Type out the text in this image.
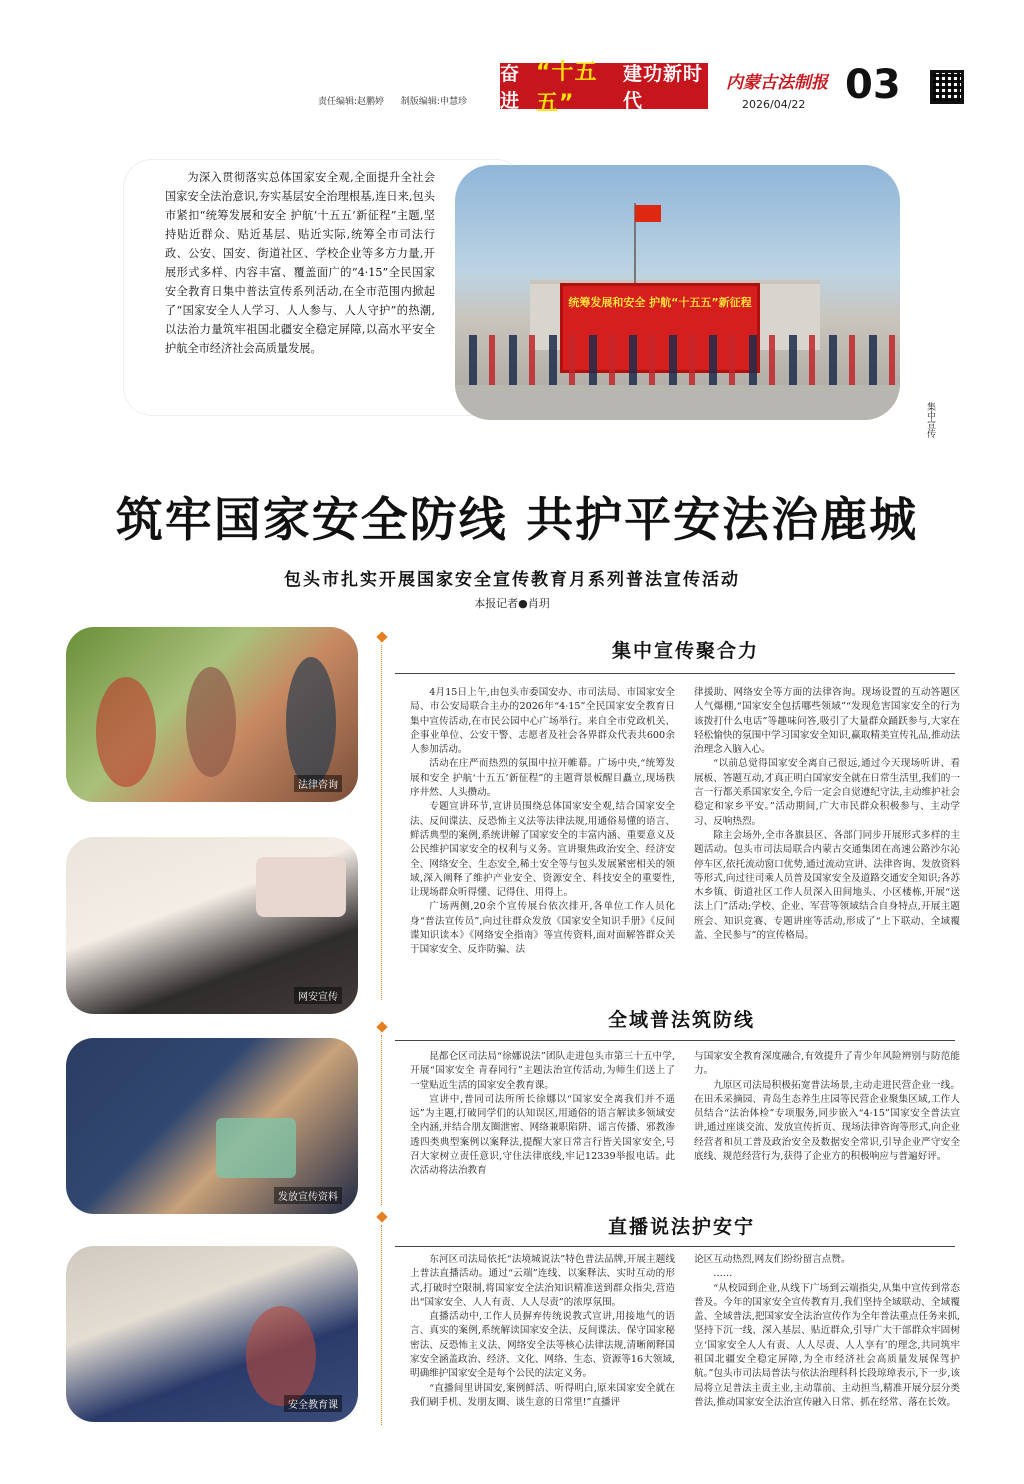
责任编辑:赵鹏婷 制版编辑:申慧珍
奋进
“十五五”
建功新时代
内蒙古法制报
2026/04/22 03
为深入贯彻落实总体国家安全观,全面提升全社会国家安全法治意识,夯实基层安全治理根基,连日来,包头市紧扣“统筹发展和安全 护航‘十五五’新征程”主题,坚持贴近群众、贴近基层、贴近实际,统筹全市司法行政、公安、国安、街道社区、学校企业等多方力量,开展形式多样、内容丰富、覆盖面广的“4·15”全民国家安全教育日集中普法宣传系列活动,在全市范围内掀起了“国家安全人人学习、人人参与、人人守护”的热潮,以法治力量筑牢祖国北疆安全稳定屏障,以高水平安全护航全市经济社会高质量发展。
统筹发展和安全 护航“十五五”新征程
集中宣传
筑牢国家安全防线 共护平安法治鹿城
包头市扎实开展国家安全宣传教育月系列普法宣传活动
本报记者●肖玥
法律咨询
网安宣传
发放宣传资料
安全教育课
集中宣传聚合力

4月15日上午,由包头市委国安办、市司法局、市国家安全局、市公安局联合主办的2026年“4·15”全民国家安全教育日集中宣传活动,在市民公园中心广场举行。来自全市党政机关、企事业单位、公安干警、志愿者及社会各界群众代表共600余人参加活动。

活动在庄严而热烈的氛围中拉开帷幕。广场中央,“统筹发展和安全 护航‘十五五’新征程”的主题背景板醒目矗立,现场秩序井然、人头攒动。

专题宣讲环节,宣讲员围绕总体国家安全观,结合国家安全法、反间谍法、反恐怖主义法等法律法规,用通俗易懂的语言、鲜活典型的案例,系统讲解了国家安全的丰富内涵、重要意义及公民维护国家安全的权利与义务。宣讲聚焦政治安全、经济安全、网络安全、生态安全,稀土安全等与包头发展紧密相关的领域,深入阐释了维护产业安全、资源安全、科技安全的重要性,让现场群众听得懂、记得住、用得上。

广场两侧,20余个宣传展台依次排开,各单位工作人员化身“普法宣传员”,向过往群众发放《国家安全知识手册》《反间谍知识读本》《网络安全指南》等宣传资料,面对面解答群众关于国家安全、反诈防骗、法

律援助、网络安全等方面的法律咨询。现场设置的互动答题区人气爆棚,“国家安全包括哪些领域”“发现危害国家安全的行为该拨打什么电话”等趣味问答,吸引了大量群众踊跃参与,大家在轻松愉快的氛围中学习国家安全知识,赢取精美宣传礼品,推动法治理念入脑入心。

“以前总觉得国家安全离自己很远,通过今天现场听讲、看展板、答题互动,才真正明白国家安全就在日常生活里,我们的一言一行都关系国家安全,今后一定会自觉遵纪守法,主动维护社会稳定和家乡平安。”活动期间,广大市民群众积极参与、主动学习、反响热烈。

除主会场外,全市各旗县区、各部门同步开展形式多样的主题活动。包头市司法局联合内蒙古交通集团在高速公路沙尔沁停车区,依托流动窗口优势,通过流动宣讲、法律咨询、发放资料等形式,向过往司乘人员普及国家安全及道路交通安全知识;各苏木乡镇、街道社区工作人员深入田间地头、小区楼栋,开展“送法上门”活动;学校、企业、军营等领域结合自身特点,开展主题班会、知识竞赛、专题讲座等活动,形成了“上下联动、全域覆盖、全民参与”的宣传格局。

全域普法筑防线

昆都仑区司法局“徐娜说法”团队走进包头市第三十五中学,开展“国家安全 青春同行”主题法治宣传活动,为师生们送上了一堂贴近生活的国家安全教育课。

宣讲中,普同司法所所长徐娜以“国家安全离我们并不遥远”为主题,打破同学们的认知误区,用通俗的语言解读多领域安全内涵,并结合朋友圈泄密、网络兼职陷阱、谣言传播、邪教渗透四类典型案例以案释法,提醒大家日常言行皆关国家安全,号召大家树立责任意识,守住法律底线,牢记12339举报电话。此次活动将法治教育

与国家安全教育深度融合,有效提升了青少年风险辨别与防范能力。

九原区司法局积极拓宽普法场景,主动走进民营企业一线。在田禾采摘园、青岛生态养生庄园等民营企业聚集区域,工作人员结合“法治体检”专项服务,同步嵌入“4·15”国家安全普法宣讲,通过座谈交流、发放宣传折页、现场法律咨询等形式,向企业经营者和员工普及政治安全及数据安全常识,引导企业严守安全底线、规范经营行为,获得了企业方的积极响应与普遍好评。

直播说法护安宁

东河区司法局依托“法境城说法”特色普法品牌,开展主题线上普法直播活动。通过“云端”连线、以案释法、实时互动的形式,打破时空限制,将国家安全法治知识精准送到群众指尖,营造出“国家安全、人人有责、人人尽责”的浓厚氛围。

直播活动中,工作人员摒弃传统说教式宣讲,用接地气的语言、真实的案例,系统解读国家安全法、反间谍法、保守国家秘密法、反恐怖主义法、网络安全法等核心法律法规,清晰阐释国家安全涵盖政治、经济、文化、网络、生态、资源等16大领域,明确维护国家安全是每个公民的法定义务。

“直播间里讲国安,案例鲜活、听得明白,原来国家安全就在我们刷手机、发朋友圈、谈生意的日常里!”直播评

论区互动热烈,网友们纷纷留言点赞。

……

“从校园到企业,从线下广场到云端指尖,从集中宣传到常态普及。今年的国家安全宣传教育月,我们坚持全域联动、全域覆盖、全域普法,把国家安全法治宣传作为全年普法重点任务来抓,坚持下沉一线、深入基层、贴近群众,引导广大干部群众牢固树立‘国家安全人人有责、人人尽责、人人享有’的理念,共同筑牢祖国北疆安全稳定屏障,为全市经济社会高质量发展保驾护航。”包头市司法局普法与依法治理科科长段琼璋表示,下一步,该局将立足普法主责主业,主动靠前、主动担当,精准开展分层分类普法,推动国家安全法治宣传融入日常、抓在经常、落在长效。
